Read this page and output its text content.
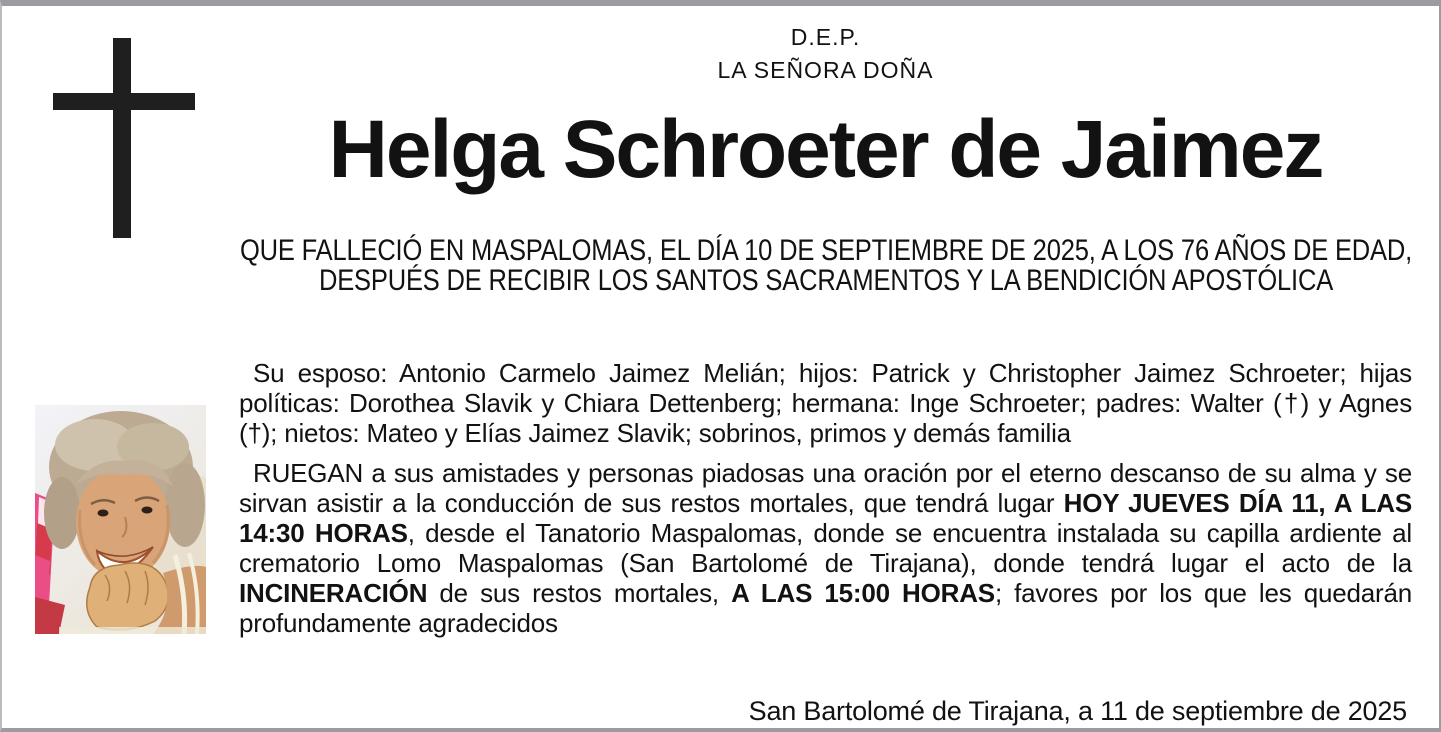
D.E.P.
LA SEÑORA DOÑA
Helga Schroeter de Jaimez
QUE FALLECIÓ EN MASPALOMAS, EL DÍA 10 DE SEPTIEMBRE DE 2025, A LOS 76 AÑOS DE EDAD, DESPUÉS DE RECIBIR LOS SANTOS SACRAMENTOS Y LA BENDICIÓN APOSTÓLICA
Su esposo: Antonio Carmelo Jaimez Melián; hijos: Patrick y Christopher Jaimez Schroeter; hijas políticas: Dorothea Slavik y Chiara Dettenberg; hermana: Inge Schroeter; padres: Walter (†) y Agnes (†); nietos: Mateo y Elías Jaimez Slavik; sobrinos, primos y demás familia
RUEGAN a sus amistades y personas piadosas una oración por el eterno descanso de su alma y se sirvan asistir a la conducción de sus restos mortales, que tendrá lugar HOY JUEVES DÍA 11, A LAS 14:30 HORAS, desde el Tanatorio Maspalomas, donde se encuentra instalada su capilla ardiente al crematorio Lomo Maspalomas (San Bartolomé de Tirajana), donde tendrá lugar el acto de la INCINERACIÓN de sus restos mortales, A LAS 15:00 HORAS; favores por los que les quedarán profundamente agradecidos
San Bartolomé de Tirajana, a 11 de septiembre de 2025
